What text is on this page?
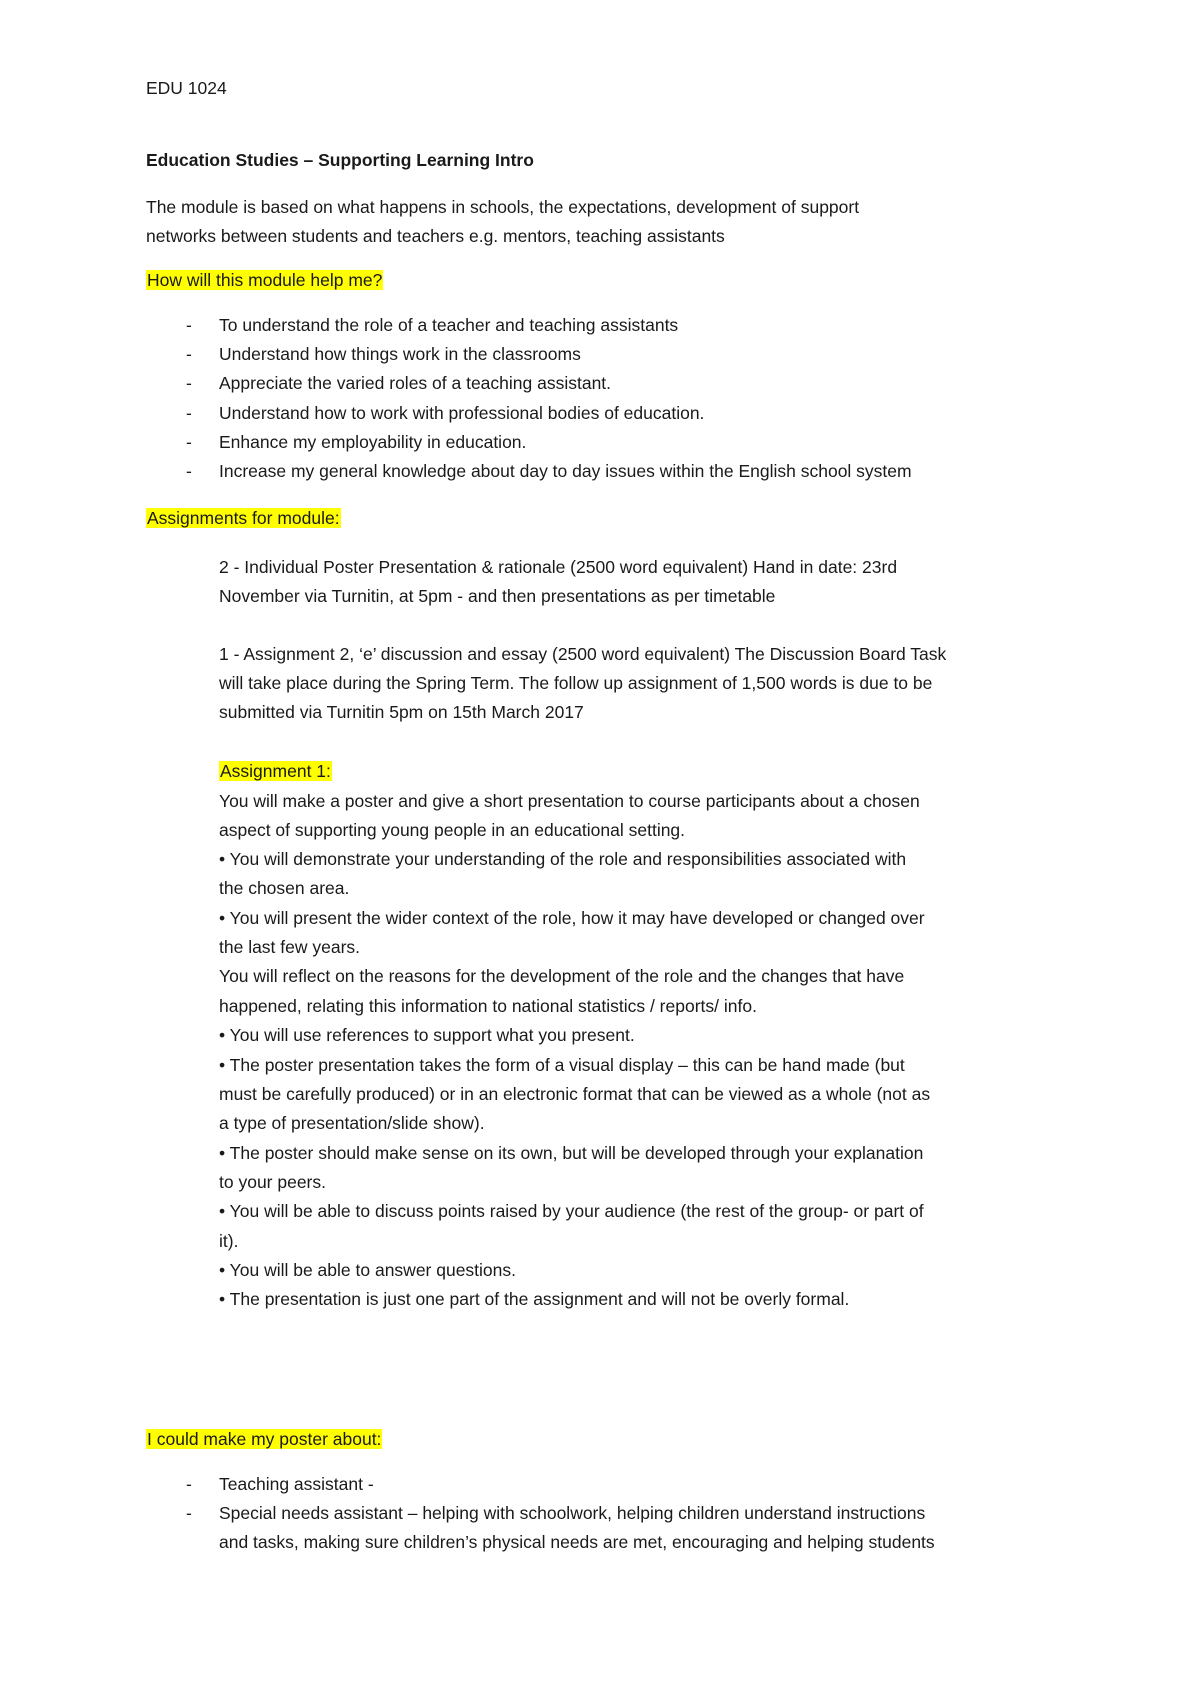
EDU 1024
Education Studies – Supporting Learning Intro
The module is based on what happens in schools, the expectations, development of support
networks between students and teachers e.g. mentors, teaching assistants
How will this module help me?
- To understand the role of a teacher and teaching assistants
- Understand how things work in the classrooms
- Appreciate the varied roles of a teaching assistant.
- Understand how to work with professional bodies of education.
- Enhance my employability in education.
- Increase my general knowledge about day to day issues within the English school system
Assignments for module:
2 - Individual Poster Presentation & rationale (2500 word equivalent) Hand in date: 23rd
November via Turnitin, at 5pm - and then presentations as per timetable
1 - Assignment 2, ‘e’ discussion and essay (2500 word equivalent) The Discussion Board Task
will take place during the Spring Term. The follow up assignment of 1,500 words is due to be
submitted via Turnitin 5pm on 15th March 2017
Assignment 1:
You will make a poster and give a short presentation to course participants about a chosen
aspect of supporting young people in an educational setting.
• You will demonstrate your understanding of the role and responsibilities associated with
the chosen area.
• You will present the wider context of the role, how it may have developed or changed over
the last few years.
You will reflect on the reasons for the development of the role and the changes that have
happened, relating this information to national statistics / reports/ info.
• You will use references to support what you present.
• The poster presentation takes the form of a visual display – this can be hand made (but
must be carefully produced) or in an electronic format that can be viewed as a whole (not as
a type of presentation/slide show).
• The poster should make sense on its own, but will be developed through your explanation
to your peers.
• You will be able to discuss points raised by your audience (the rest of the group- or part of
it).
• You will be able to answer questions.
• The presentation is just one part of the assignment and will not be overly formal.
I could make my poster about:
- Teaching assistant -
- Special needs assistant – helping with schoolwork, helping children understand instructions
and tasks, making sure children’s physical needs are met, encouraging and helping students
